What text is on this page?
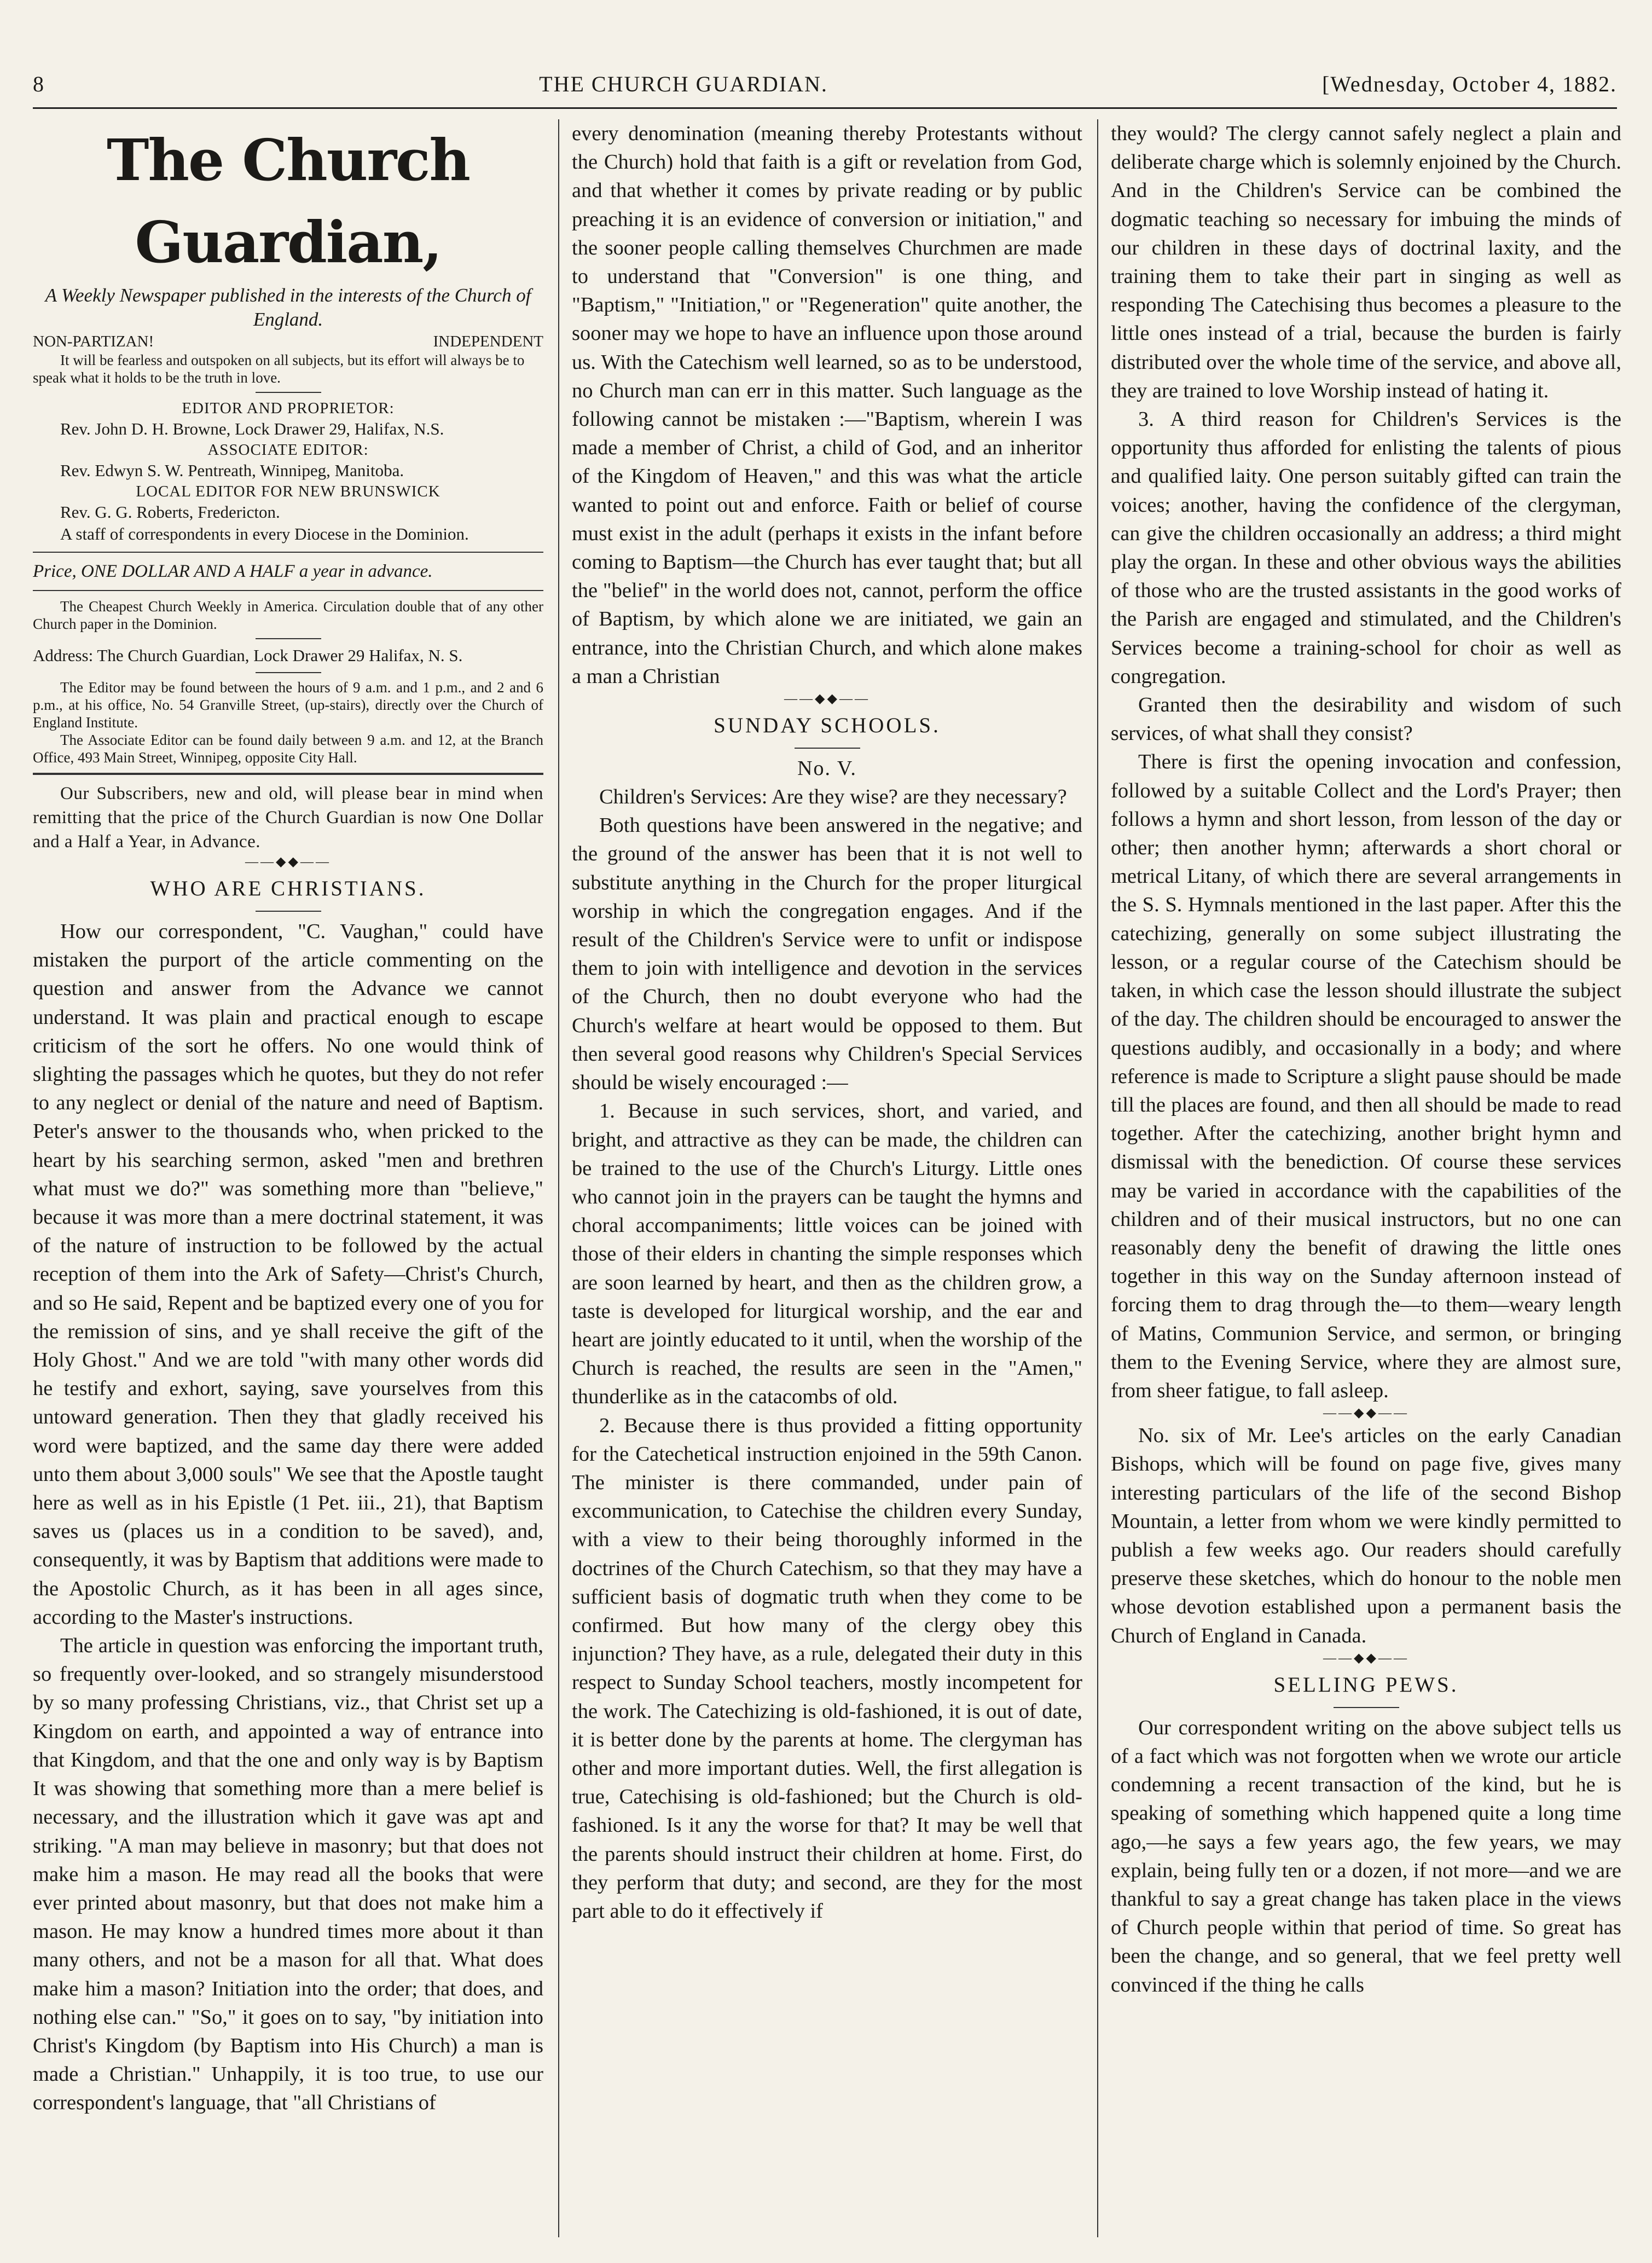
8	THE CHURCH GUARDIAN.	[Wednesday, October 4, 1882.
The Church Guardian,
A Weekly Newspaper published in the interests of the Church of England.
NON-PARTIZAN!	INDEPENDENT

It will be fearless and outspoken on all subjects, but its effort will always be to speak what it holds to be the truth in love.

EDITOR AND PROPRIETOR:

Rev. John D. H. Browne, Lock Drawer 29, Halifax, N.S.

ASSOCIATE EDITOR:

Rev. Edwyn S. W. Pentreath, Winnipeg, Manitoba.

LOCAL EDITOR FOR NEW BRUNSWICK

Rev. G. G. Roberts, Fredericton.

A staff of correspondents in every Diocese in the Dominion.

Price, ONE DOLLAR AND A HALF a year in advance.

The Cheapest Church Weekly in America. Circulation double that of any other Church paper in the Dominion.

Address: The Church Guardian, Lock Drawer 29 Halifax, N. S.

The Editor may be found between the hours of 9 a.m. and 1 p.m., and 2 and 6 p.m., at his office, No. 54 Granville Street, (up-stairs), directly over the Church of England Institute.

The Associate Editor can be found daily between 9 a.m. and 12, at the Branch Office, 493 Main Street, Winnipeg, opposite City Hall.

Our Subscribers, new and old, will please bear in mind when remitting that the price of the Church Guardian is now One Dollar and a Half a Year, in Advance.

——◆◆——
WHO ARE CHRISTIANS.

How our correspondent, "C. Vaughan," could have mistaken the purport of the article commenting on the question and answer from the Advance we cannot understand. It was plain and practical enough to escape criticism of the sort he offers. No one would think of slighting the passages which he quotes, but they do not refer to any neglect or denial of the nature and need of Baptism. Peter's answer to the thousands who, when pricked to the heart by his searching sermon, asked "men and brethren what must we do?" was something more than "believe," because it was more than a mere doctrinal statement, it was of the nature of instruction to be followed by the actual reception of them into the Ark of Safety—Christ's Church, and so He said, Repent and be baptized every one of you for the remission of sins, and ye shall receive the gift of the Holy Ghost." And we are told "with many other words did he testify and exhort, saying, save yourselves from this untoward generation. Then they that gladly received his word were baptized, and the same day there were added unto them about 3,000 souls" We see that the Apostle taught here as well as in his Epistle (1 Pet. iii., 21), that Baptism saves us (places us in a condition to be saved), and, consequently, it was by Baptism that additions were made to the Apostolic Church, as it has been in all ages since, according to the Master's instructions.

The article in question was enforcing the important truth, so frequently over-looked, and so strangely misunderstood by so many professing Christians, viz., that Christ set up a Kingdom on earth, and appointed a way of entrance into that Kingdom, and that the one and only way is by Baptism It was showing that something more than a mere belief is necessary, and the illustration which it gave was apt and striking. "A man may believe in masonry; but that does not make him a mason. He may read all the books that were ever printed about masonry, but that does not make him a mason. He may know a hundred times more about it than many others, and not be a mason for all that. What does make him a mason? Initiation into the order; that does, and nothing else can." "So," it goes on to say, "by initiation into Christ's Kingdom (by Baptism into His Church) a man is made a Christian." Unhappily, it is too true, to use our correspondent's language, that "all Christians of

every denomination (meaning thereby Protestants without the Church) hold that faith is a gift or revelation from God, and that whether it comes by private reading or by public preaching it is an evidence of conversion or initiation," and the sooner people calling themselves Churchmen are made to understand that "Conversion" is one thing, and "Baptism," "Initiation," or "Regeneration" quite another, the sooner may we hope to have an influence upon those around us. With the Catechism well learned, so as to be understood, no Church man can err in this matter. Such language as the following cannot be mistaken :—"Baptism, wherein I was made a member of Christ, a child of God, and an inheritor of the Kingdom of Heaven," and this was what the article wanted to point out and enforce. Faith or belief of course must exist in the adult (perhaps it exists in the infant before coming to Baptism—the Church has ever taught that; but all the "belief" in the world does not, cannot, perform the office of Baptism, by which alone we are initiated, we gain an entrance, into the Christian Church, and which alone makes a man a Christian

——◆◆——
SUNDAY SCHOOLS.
No. V.

Children's Services: Are they wise? are they necessary?

Both questions have been answered in the negative; and the ground of the answer has been that it is not well to substitute anything in the Church for the proper liturgical worship in which the congregation engages. And if the result of the Children's Service were to unfit or indispose them to join with intelligence and devotion in the services of the Church, then no doubt everyone who had the Church's welfare at heart would be opposed to them. But then several good reasons why Children's Special Services should be wisely encouraged :—

1. Because in such services, short, and varied, and bright, and attractive as they can be made, the children can be trained to the use of the Church's Liturgy. Little ones who cannot join in the prayers can be taught the hymns and choral accompaniments; little voices can be joined with those of their elders in chanting the simple responses which are soon learned by heart, and then as the children grow, a taste is developed for liturgical worship, and the ear and heart are jointly educated to it until, when the worship of the Church is reached, the results are seen in the "Amen," thunderlike as in the catacombs of old.

2. Because there is thus provided a fitting opportunity for the Catechetical instruction enjoined in the 59th Canon. The minister is there commanded, under pain of excommunication, to Catechise the children every Sunday, with a view to their being thoroughly informed in the doctrines of the Church Catechism, so that they may have a sufficient basis of dogmatic truth when they come to be confirmed. But how many of the clergy obey this injunction? They have, as a rule, delegated their duty in this respect to Sunday School teachers, mostly incompetent for the work. The Catechizing is old-fashioned, it is out of date, it is better done by the parents at home. The clergyman has other and more important duties. Well, the first allegation is true, Catechising is old-fashioned; but the Church is old-fashioned. Is it any the worse for that? It may be well that the parents should instruct their children at home. First, do they perform that duty; and second, are they for the most part able to do it effectively if

they would? The clergy cannot safely neglect a plain and deliberate charge which is solemnly enjoined by the Church. And in the Children's Service can be combined the dogmatic teaching so necessary for imbuing the minds of our children in these days of doctrinal laxity, and the training them to take their part in singing as well as responding The Catechising thus becomes a pleasure to the little ones instead of a trial, because the burden is fairly distributed over the whole time of the service, and above all, they are trained to love Worship instead of hating it.

3. A third reason for Children's Services is the opportunity thus afforded for enlisting the talents of pious and qualified laity. One person suitably gifted can train the voices; another, having the confidence of the clergyman, can give the children occasionally an address; a third might play the organ. In these and other obvious ways the abilities of those who are the trusted assistants in the good works of the Parish are engaged and stimulated, and the Children's Services become a training-school for choir as well as congregation.

Granted then the desirability and wisdom of such services, of what shall they consist?

There is first the opening invocation and confession, followed by a suitable Collect and the Lord's Prayer; then follows a hymn and short lesson, from lesson of the day or other; then another hymn; afterwards a short choral or metrical Litany, of which there are several arrangements in the S. S. Hymnals mentioned in the last paper. After this the catechizing, generally on some subject illustrating the lesson, or a regular course of the Catechism should be taken, in which case the lesson should illustrate the subject of the day. The children should be encouraged to answer the questions audibly, and occasionally in a body; and where reference is made to Scripture a slight pause should be made till the places are found, and then all should be made to read together. After the catechizing, another bright hymn and dismissal with the benediction. Of course these services may be varied in accordance with the capabilities of the children and of their musical instructors, but no one can reasonably deny the benefit of drawing the little ones together in this way on the Sunday afternoon instead of forcing them to drag through the—to them—weary length of Matins, Communion Service, and sermon, or bringing them to the Evening Service, where they are almost sure, from sheer fatigue, to fall asleep.

——◆◆——

No. six of Mr. Lee's articles on the early Canadian Bishops, which will be found on page five, gives many interesting particulars of the life of the second Bishop Mountain, a letter from whom we were kindly permitted to publish a few weeks ago. Our readers should carefully preserve these sketches, which do honour to the noble men whose devotion established upon a permanent basis the Church of England in Canada.

——◆◆——
SELLING PEWS.

Our correspondent writing on the above subject tells us of a fact which was not forgotten when we wrote our article condemning a recent transaction of the kind, but he is speaking of something which happened quite a long time ago,—he says a few years ago, the few years, we may explain, being fully ten or a dozen, if not more—and we are thankful to say a great change has taken place in the views of Church people within that period of time. So great has been the change, and so general, that we feel pretty well convinced if the thing he calls
